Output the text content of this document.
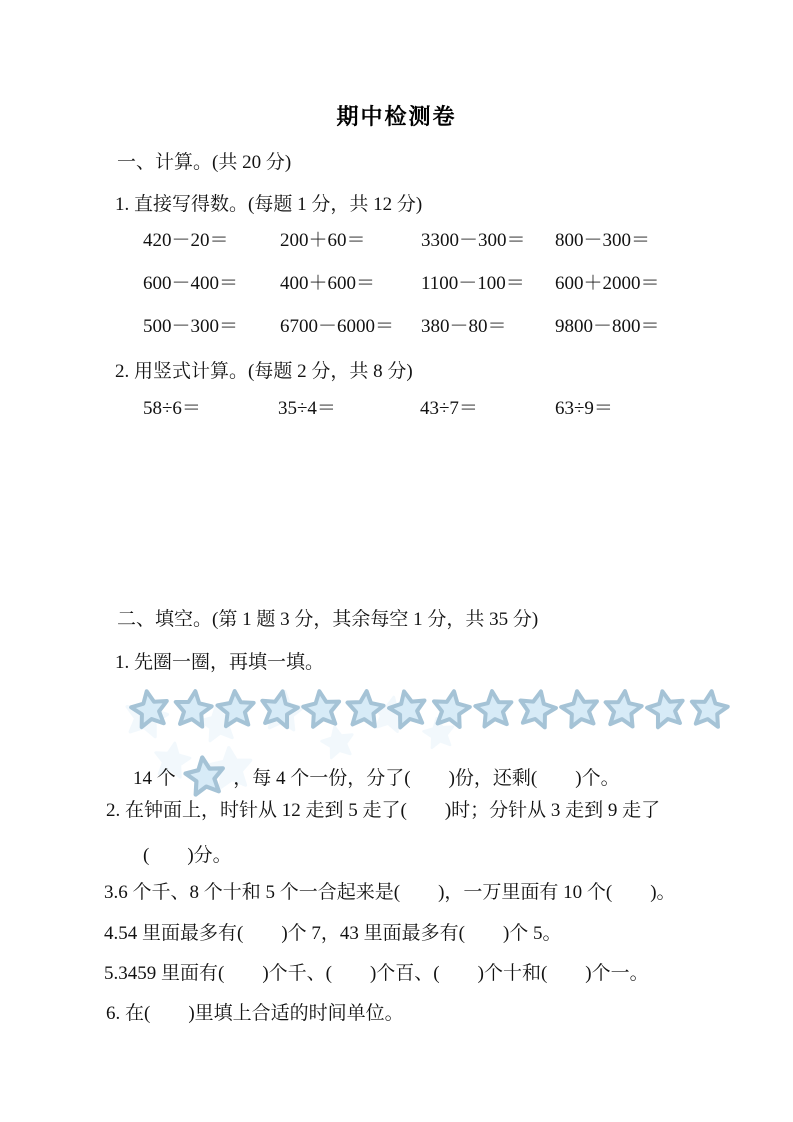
期中检测卷
一、计算。(共 20 分)
1. 直接写得数。(每题 1 分，共 12 分)
420－20＝	200＋60＝	3300－300＝	800－300＝
600－400＝	400＋600＝	1100－100＝	600＋2000＝
500－300＝	6700－6000＝	380－80＝	9800－800＝
2. 用竖式计算。(每题 2 分，共 8 分)
58÷6＝	35÷4＝	43÷7＝	63÷9＝
二、填空。(第 1 题 3 分，其余每空 1 分，共 35 分)
1. 先圈一圈，再填一填。
14 个	，每 4 个一份，分了(　　)份，还剩(　　)个。
2. 在钟面上，时针从 12 走到 5 走了(　　)时；分针从 3 走到 9 走了
(　　)分。
3.6 个千、8 个十和 5 个一合起来是(　　)，一万里面有 10 个(　　)。
4.54 里面最多有(　　)个 7，43 里面最多有(　　)个 5。
5.3459 里面有(　　)个千、(　　)个百、(　　)个十和(　　)个一。
6. 在(　　)里填上合适的时间单位。
